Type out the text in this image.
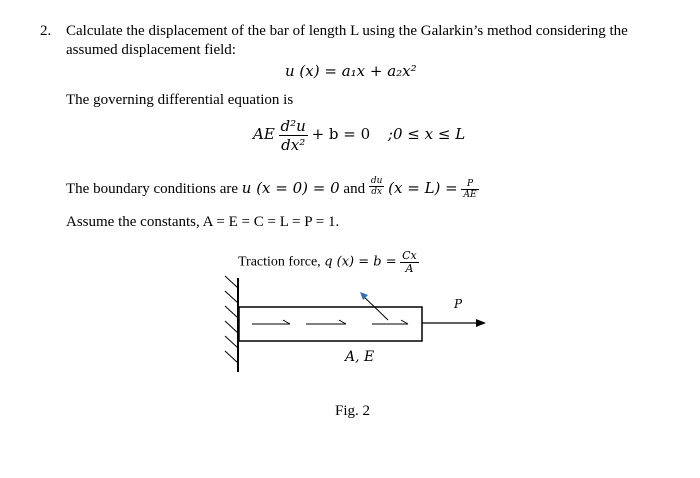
2. Calculate the displacement of the bar of length L using the Galarkin’s method considering the
assumed displacement field:
u (x) = a₁x + a₂x²
The governing differential equation is
AE $\frac{\text{d²u}}{\text{dx²}} + b = 0$ ;0 ≤ x ≤ L
The boundary conditions are u (x = 0) = 0 and $\frac{du}{dx} (x = L) = \frac{P}{AE}$
Assume the constants, A = E = C = L = P = 1.
Traction force, q $(x) = b = \frac{Cx}{A}$
P
A, E
Fig. 2
